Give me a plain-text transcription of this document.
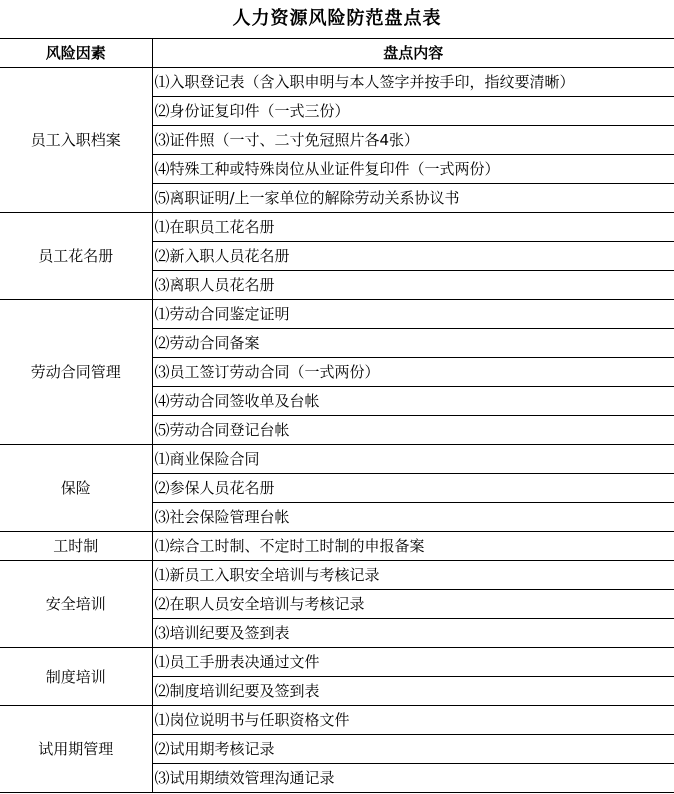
人力资源风险防范盘点表
风险因素	盘点内容
员工入职档案	⑴入职登记表（含入职申明与本人签字并按手印，指纹要清晰）
	⑵身份证复印件（一式三份）
	⑶证件照（一寸、二寸免冠照片各4张）
	⑷特殊工种或特殊岗位从业证件复印件（一式两份）
	⑸离职证明/上一家单位的解除劳动关系协议书
员工花名册	⑴在职员工花名册
	⑵新入职人员花名册
	⑶离职人员花名册
劳动合同管理	⑴劳动合同鉴定证明
	⑵劳动合同备案
	⑶员工签订劳动合同（一式两份）
	⑷劳动合同签收单及台帐
	⑸劳动合同登记台帐
保险	⑴商业保险合同
	⑵参保人员花名册
	⑶社会保险管理台帐
工时制	⑴综合工时制、不定时工时制的申报备案
安全培训	⑴新员工入职安全培训与考核记录
	⑵在职人员安全培训与考核记录
	⑶培训纪要及签到表
制度培训	⑴员工手册表决通过文件
	⑵制度培训纪要及签到表
试用期管理	⑴岗位说明书与任职资格文件
	⑵试用期考核记录
	⑶试用期绩效管理沟通记录
